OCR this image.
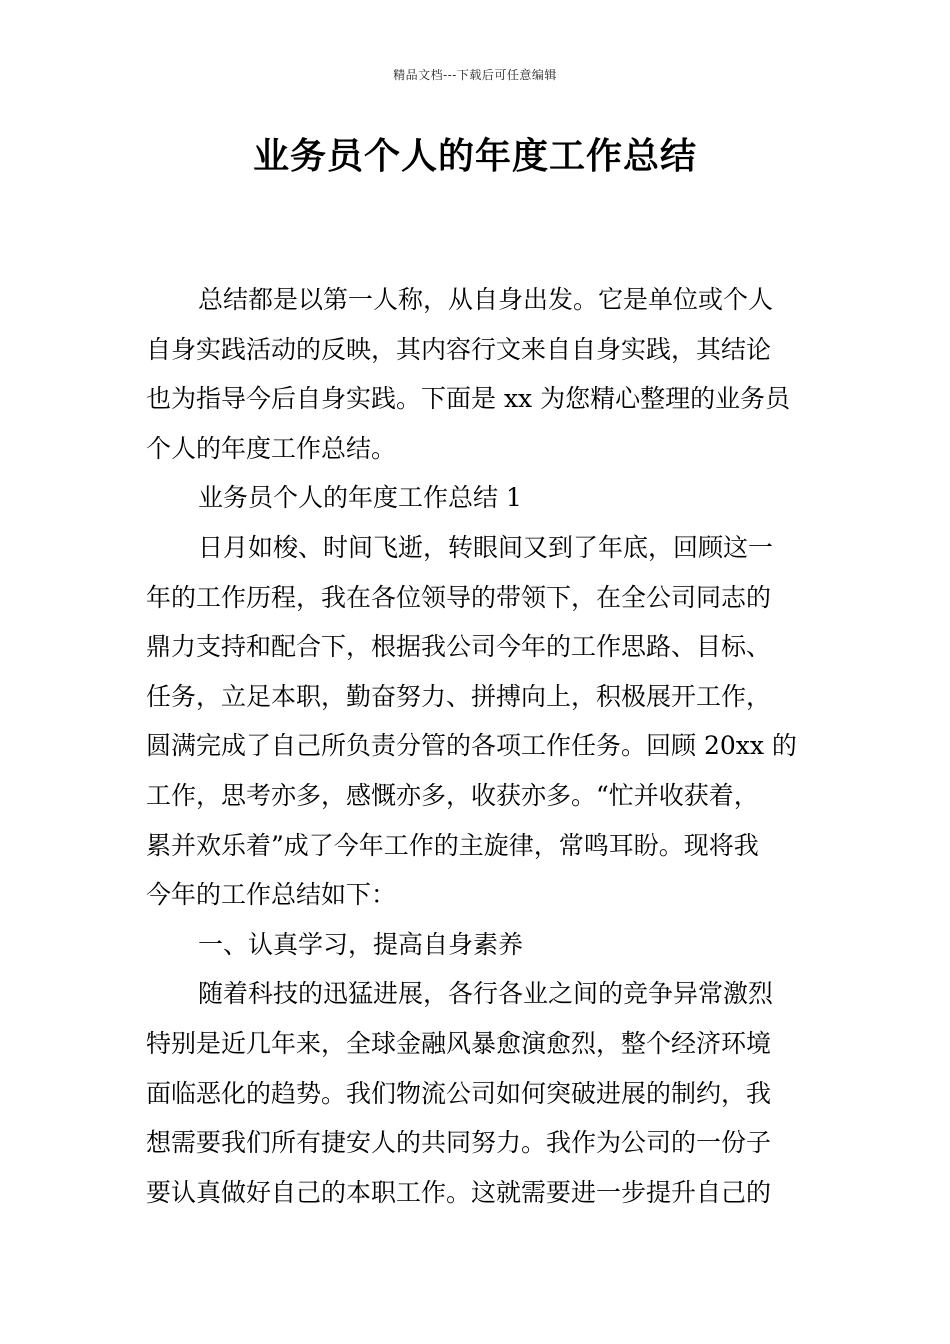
精品文档---下载后可任意编辑
业务员个人的年度工作总结

总结都是以第一人称，从自身出发。它是单位或个人
自身实践活动的反映，其内容行文来自自身实践，其结论
也为指导今后自身实践。下面是 xx 为您精心整理的业务员
个人的年度工作总结。

业务员个人的年度工作总结 1

日月如梭、时间飞逝，转眼间又到了年底，回顾这一
年的工作历程，我在各位领导的带领下，在全公司同志的
鼎力支持和配合下，根据我公司今年的工作思路、目标、
任务，立足本职，勤奋努力、拼搏向上，积极展开工作，
圆满完成了自己所负责分管的各项工作任务。回顾 20xx 的
工作，思考亦多，感慨亦多，收获亦多。“忙并收获着，
累并欢乐着”成了今年工作的主旋律，常鸣耳盼。现将我
今年的工作总结如下：

一、认真学习，提高自身素养

随着科技的迅猛进展，各行各业之间的竞争异常激烈
特别是近几年来，全球金融风暴愈演愈烈，整个经济环境
面临恶化的趋势。我们物流公司如何突破进展的制约，我
想需要我们所有捷安人的共同努力。我作为公司的一份子
要认真做好自己的本职工作。这就需要进一步提升自己的
